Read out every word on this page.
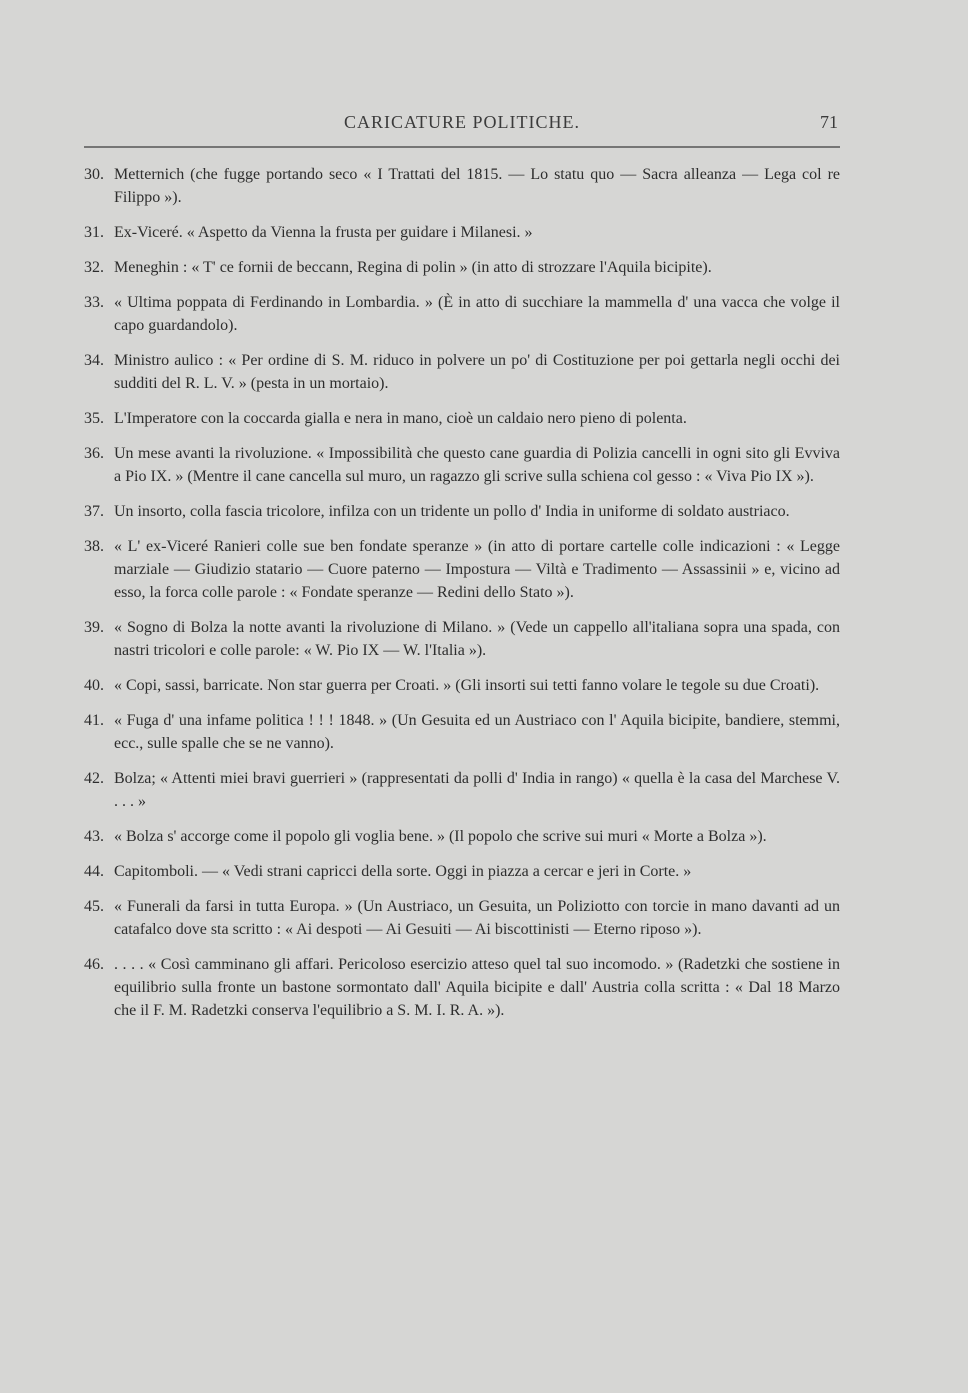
CARICATURE POLITICHE.	71
30. Metternich (che fugge portando seco « I Trattati del 1815. — Lo statu quo — Sacra alleanza — Lega col re Filippo »).
31. Ex-Viceré. « Aspetto da Vienna la frusta per guidare i Milanesi. »
32. Meneghin : « T' ce fornii de beccann, Regina di polin » (in atto di strozzare l'Aquila bicipite).
33. « Ultima poppata di Ferdinando in Lombardia. » (È in atto di succhiare la mammella d' una vacca che volge il capo guardandolo).
34. Ministro aulico : « Per ordine di S. M. riduco in polvere un po' di Costituzione per poi gettarla negli occhi dei sudditi del R. L. V. » (pesta in un mortaio).
35. L'Imperatore con la coccarda gialla e nera in mano, cioè un caldaio nero pieno di polenta.
36. Un mese avanti la rivoluzione. « Impossibilità che questo cane guardia di Polizia cancelli in ogni sito gli Evviva a Pio IX. » (Mentre il cane cancella sul muro, un ragazzo gli scrive sulla schiena col gesso : « Viva Pio IX »).
37. Un insorto, colla fascia tricolore, infilza con un tridente un pollo d' India in uniforme di soldato austriaco.
38. « L' ex-Viceré Ranieri colle sue ben fondate speranze » (in atto di portare cartelle colle indicazioni : « Legge marziale — Giudizio statario — Cuore paterno — Impostura — Viltà e Tradimento — Assassinii » e, vicino ad esso, la forca colle parole : « Fondate speranze — Redini dello Stato »).
39. « Sogno di Bolza la notte avanti la rivoluzione di Milano. » (Vede un cappello all'italiana sopra una spada, con nastri tricolori e colle parole: « W. Pio IX — W. l'Italia »).
40. « Copi, sassi, barricate. Non star guerra per Croati. » (Gli insorti sui tetti fanno volare le tegole su due Croati).
41. « Fuga d' una infame politica ! ! ! 1848. » (Un Gesuita ed un Austriaco con l' Aquila bicipite, bandiere, stemmi, ecc., sulle spalle che se ne vanno).
42. Bolza; « Attenti miei bravi guerrieri » (rappresentati da polli d' India in rango) « quella è la casa del Marchese V. . . . »
43. « Bolza s' accorge come il popolo gli voglia bene. » (Il popolo che scrive sui muri « Morte a Bolza »).
44. Capitomboli. — « Vedi strani capricci della sorte. Oggi in piazza a cercar e jeri in Corte. »
45. « Funerali da farsi in tutta Europa. » (Un Austriaco, un Gesuita, un Poliziotto con torcie in mano davanti ad un catafalco dove sta scritto : « Ai despoti — Ai Gesuiti — Ai biscottinisti — Eterno riposo »).
46. . . . . « Così camminano gli affari. Pericoloso esercizio atteso quel tal suo incomodo. » (Radetzki che sostiene in equilibrio sulla fronte un bastone sormontato dall' Aquila bicipite e dall' Austria colla scritta : « Dal 18 Marzo che il F. M. Radetzki conserva l'equilibrio a S. M. I. R. A. »).
